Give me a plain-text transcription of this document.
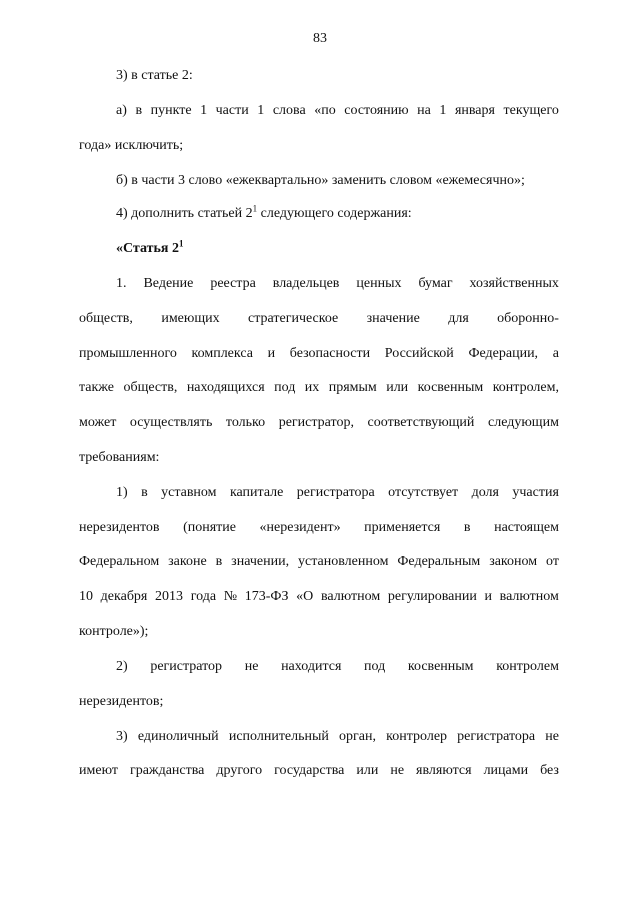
83
3) в статье 2:
а) в пункте 1 части 1 слова «по состоянию на 1 января текущего
года» исключить;
б) в части 3 слово «ежеквартально» заменить словом «ежемесячно»;
4) дополнить статьей $2^1$ следующего содержания:
«Статья $2^1$
1. Ведение реестра владельцев ценных бумаг хозяйственных
обществ, имеющих стратегическое значение для оборонно-
промышленного комплекса и безопасности Российской Федерации, а
также обществ, находящихся под их прямым или косвенным контролем,
может осуществлять только регистратор, соответствующий следующим
требованиям:
1) в уставном капитале регистратора отсутствует доля участия
нерезидентов (понятие «нерезидент» применяется в настоящем
Федеральном законе в значении, установленном Федеральным законом от
10 декабря 2013 года № 173-ФЗ «О валютном регулировании и валютном
контроле»);
2) регистратор не находится под косвенным контролем
нерезидентов;
3) единоличный исполнительный орган, контролер регистратора не
имеют гражданства другого государства или не являются лицами без
